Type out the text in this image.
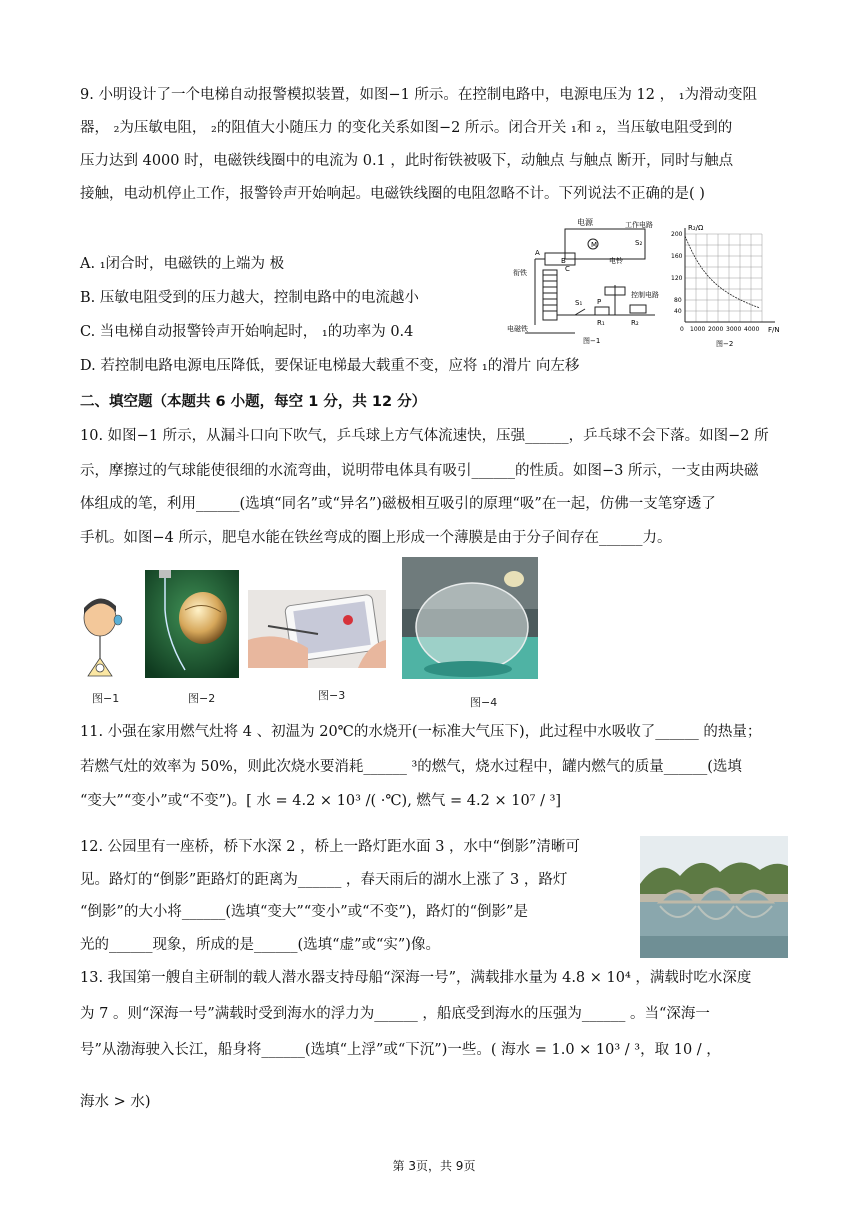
9. 小明设计了一个电梯自动报警模拟装置，如图−1 所示。在控制电路中，电源电压为 12 ， ₁为滑动变阻
器， ₂为压敏电阻， ₂的阻值大小随压力 的变化关系如图−2 所示。闭合开关 ₁和 ₂，当压敏电阻受到的
压力达到 4000 时，电磁铁线圈中的电流为 0.1 ，此时衔铁被吸下，动触点 与触点 断开，同时与触点
接触，电动机停止工作，报警铃声开始响起。电磁铁线圈的电阻忽略不计。下列说法不正确的是( )
A. ₁闭合时，电磁铁的上端为 极
B. 压敏电阻受到的压力越大，控制电路中的电流越小
C. 当电梯自动报警铃声开始响起时， ₁的功率为 0.4
D. 若控制电路电源电压降低，要保证电梯最大载重不变，应将 ₁的滑片 向左移
电源	工作电路
M
电铃
衔铁
B
C
A
S₂
S₁ P
R₁	R₂
控制电路
电磁铁
图−1
R₂/Ω
F/N
200
160
120
80
40
0 1000 2000 3000 4000
图−2
二、填空题（本题共 6 小题，每空 1 分，共 12 分）
10. 如图−1 所示，从漏斗口向下吹气，乒乓球上方气体流速快，压强______，乒乓球不会下落。如图−2 所
示，摩擦过的气球能使很细的水流弯曲，说明带电体具有吸引______的性质。如图−3 所示，一支由两块磁
体组成的笔，利用______(选填“同名”或“异名”)磁极相互吸引的原理“吸”在一起，仿佛一支笔穿透了
手机。如图−4 所示，肥皂水能在铁丝弯成的圈上形成一个薄膜是由于分子间存在______力。
图−1	图−2	图−3
图−4
11. 小强在家用燃气灶将 4 、初温为 20℃的水烧开(一标准大气压下)，此过程中水吸收了______ 的热量；
若燃气灶的效率为 50%，则此次烧水要消耗______ ³的燃气，烧水过程中，罐内燃气的质量______(选填
“变大”“变小”或“不变”)。[ 水 = 4.2 × 10³ /( ·℃), 燃气 = 4.2 × 10⁷ / ³]
12. 公园里有一座桥，桥下水深 2 ，桥上一路灯距水面 3 ，水中“倒影”清晰可
见。路灯的“倒影”距路灯的距离为______ ，春天雨后的湖水上涨了 3 ，路灯
“倒影”的大小将______(选填“变大”“变小”或“不变”)，路灯的“倒影”是
光的______现象，所成的是______(选填“虚”或“实”)像。
13. 我国第一艘自主研制的载人潜水器支持母船“深海一号”，满载排水量为 4.8 × 10⁴ ，满载时吃水深度
为 7 。则“深海一号”满载时受到海水的浮力为______ ，船底受到海水的压强为______ 。当“深海一
号”从渤海驶入长江，船身将______(选填“上浮”或“下沉”)一些。( 海水 = 1.0 × 10³ / ³，取 10 / ，
海水 > 水)
第 3页，共 9页
